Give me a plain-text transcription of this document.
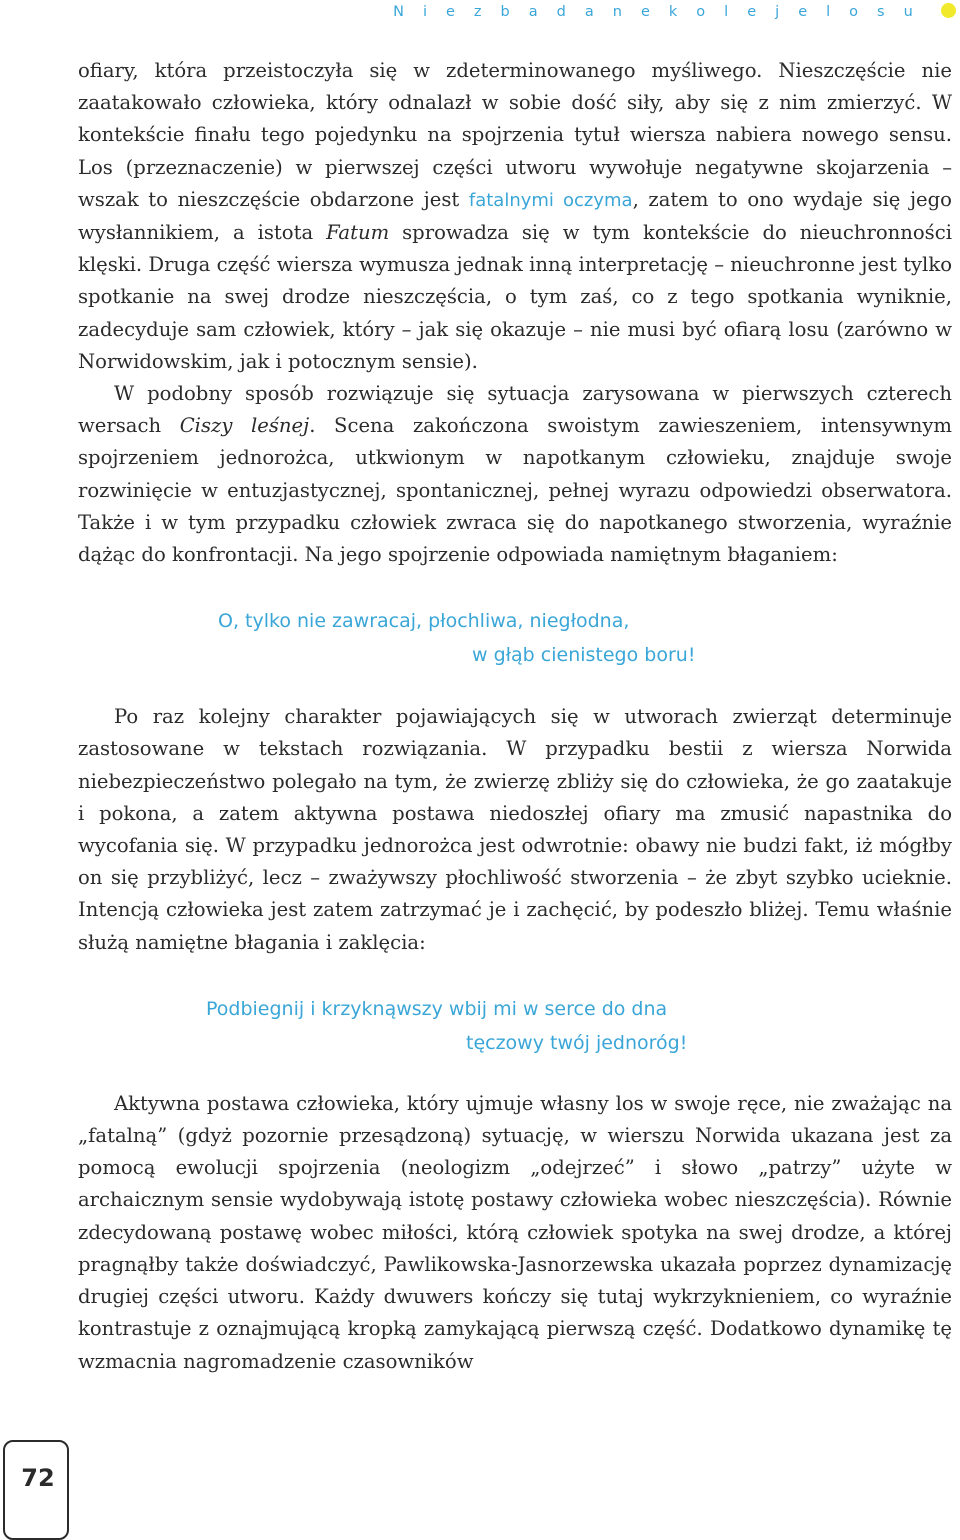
N i e z b a d a n e k o l e j e l o s u

ofiary, która przeistoczyła się w zdeterminowanego myśliwego. Nieszczęście nie zaatakowało człowieka, który odnalazł w sobie dość siły, aby się z nim zmierzyć. W kontekście finału tego pojedynku na spojrzenia tytuł wiersza nabiera nowego sensu. Los (przeznaczenie) w pierwszej części utworu wywołuje negatywne skojarzenia – wszak to nieszczęście obdarzone jest fatalnymi oczyma, zatem to ono wydaje się jego wysłannikiem, a istota Fatum sprowadza się w tym kontekście do nieuchronności klęski. Druga część wiersza wymusza jednak inną interpretację – nieuchronne jest tylko spotkanie na swej drodze nieszczęścia, o tym zaś, co z tego spotkania wyniknie, zadecyduje sam człowiek, który – jak się okazuje – nie musi być ofiarą losu (zarówno w Norwidowskim, jak i potocznym sensie).

W podobny sposób rozwiązuje się sytuacja zarysowana w pierwszych czterech wersach Ciszy leśnej. Scena zakończona swoistym zawieszeniem, intensywnym spojrzeniem jednorożca, utkwionym w napotkanym człowieku, znajduje swoje rozwinięcie w entuzjastycznej, spontanicznej, pełnej wyrazu odpowiedzi obserwatora. Także i w tym przypadku człowiek zwraca się do napotkanego stworzenia, wyraźnie dążąc do konfrontacji. Na jego spojrzenie odpowiada namiętnym błaganiem:

O, tylko nie zawracaj, płochliwa, niegłodna,
w głąb cienistego boru!

Po raz kolejny charakter pojawiających się w utworach zwierząt determinuje zastosowane w tekstach rozwiązania. W przypadku bestii z wiersza Norwida niebezpieczeństwo polegało na tym, że zwierzę zbliży się do człowieka, że go zaatakuje i pokona, a zatem aktywna postawa niedoszłej ofiary ma zmusić napastnika do wycofania się. W przypadku jednorożca jest odwrotnie: obawy nie budzi fakt, iż mógłby on się przybliżyć, lecz – zważywszy płochliwość stworzenia – że zbyt szybko ucieknie. Intencją człowieka jest zatem zatrzymać je i zachęcić, by podeszło bliżej. Temu właśnie służą namiętne błagania i zaklęcia:

Podbiegnij i krzyknąwszy wbij mi w serce do dna
tęczowy twój jednoróg!

Aktywna postawa człowieka, który ujmuje własny los w swoje ręce, nie zważając na „fatalną” (gdyż pozornie przesądzoną) sytuację, w wierszu Norwida ukazana jest za pomocą ewolucji spojrzenia (neologizm „odejrzeć” i słowo „patrzy” użyte w archaicznym sensie wydobywają istotę postawy człowieka wobec nieszczęścia). Równie zdecydowaną postawę wobec miłości, którą człowiek spotyka na swej drodze, a której pragnąłby także doświadczyć, Pawlikowska-Jasnorzewska ukazała poprzez dynamizację drugiej części utworu. Każdy dwuwers kończy się tutaj wykrzyknieniem, co wyraźnie kontrastuje z oznajmującą kropką zamykającą pierwszą część. Dodatkowo dynamikę tę wzmacnia nagromadzenie czasowników

72
